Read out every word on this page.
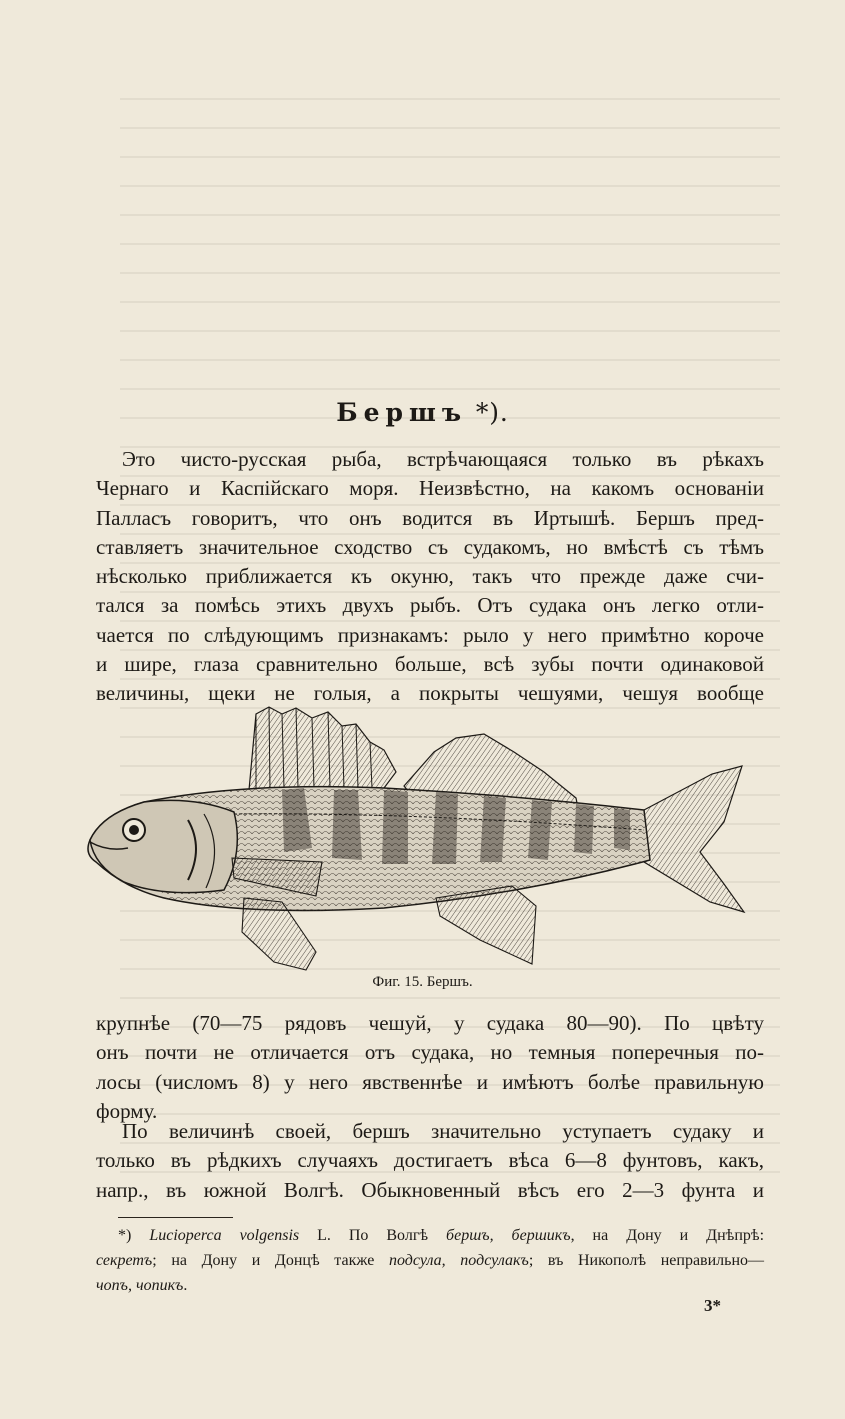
Бершъ *).
Это чисто-русская рыба, встрѣчающаяся только въ рѣкахъ
Чернаго и Каспійскаго моря. Неизвѣстно, на какомъ основаніи
Палласъ говоритъ, что онъ водится въ Иртышѣ. Бершъ пред-
ставляетъ значительное сходство съ судакомъ, но вмѣстѣ съ тѣмъ
нѣсколько приближается къ окуню, такъ что прежде даже счи-
тался за помѣсь этихъ двухъ рыбъ. Отъ судака онъ легко отли-
чается по слѣдующимъ признакамъ: рыло у него примѣтно короче
и шире, глаза сравнительно больше, всѣ зубы почти одинаковой
величины, щеки не голыя, а покрыты чешуями, чешуя вообще
Фиг. 15. Бершъ.
крупнѣе (70—75 рядовъ чешуй, у судака 80—90). По цвѣту
онъ почти не отличается отъ судака, но темныя поперечныя по-
лосы (числомъ 8) у него явственнѣе и имѣютъ болѣе правильную
форму.
По величинѣ своей, бершъ значительно уступаетъ судаку и
только въ рѣдкихъ случаяхъ достигаетъ вѣса 6—8 фунтовъ, какъ,
напр., въ южной Волгѣ. Обыкновенный вѣсъ его 2—3 фунта и
*) Lucioperca volgensis L. По Волгѣ бершъ, бершикъ, на Дону и Днѣпрѣ:
секретъ; на Дону и Донцѣ также подсула, подсулакъ; въ Никополѣ неправильно—
чопъ, чопикъ.
3*
